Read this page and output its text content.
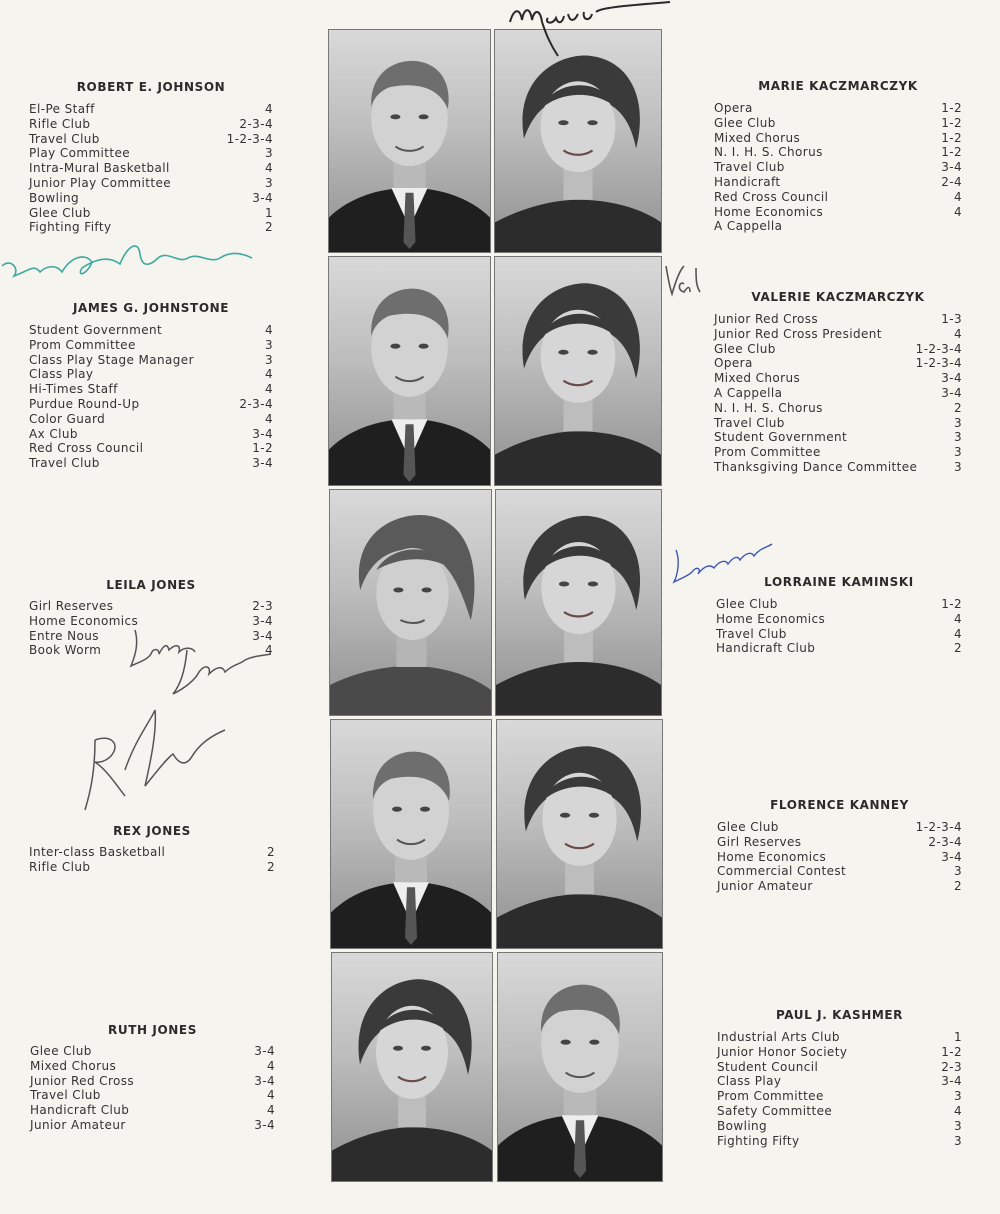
ROBERT E. JOHNSON
El-Pe Staff	4
Rifle Club	2-3-4
Travel Club	1-2-3-4
Play Committee	3
Intra-Mural Basketball	4
Junior Play Committee	3
Bowling	3-4
Glee Club	1
Fighting Fifty	2
JAMES G. JOHNSTONE
Student Government	4
Prom Committee	3
Class Play Stage Manager	3
Class Play	4
Hi-Times Staff	4
Purdue Round-Up	2-3-4
Color Guard	4
Ax Club	3-4
Red Cross Council	1-2
Travel Club	3-4
LEILA JONES
Girl Reserves	2-3
Home Economics	3-4
Entre Nous	3-4
Book Worm	4
REX JONES
Inter-class Basketball	2
Rifle Club	2
RUTH JONES
Glee Club	3-4
Mixed Chorus	4
Junior Red Cross	3-4
Travel Club	4
Handicraft Club	4
Junior Amateur	3-4
MARIE KACZMARCZYK
Opera	1-2
Glee Club	1-2
Mixed Chorus	1-2
N. I. H. S. Chorus	1-2
Travel Club	3-4
Handicraft	2-4
Red Cross Council	4
Home Economics	4
A Cappella
VALERIE KACZMARCZYK
Junior Red Cross	1-3
Junior Red Cross President	4
Glee Club	1-2-3-4
Opera	1-2-3-4
Mixed Chorus	3-4
A Cappella	3-4
N. I. H. S. Chorus	2
Travel Club	3
Student Government	3
Prom Committee	3
Thanksgiving Dance Committee	3
LORRAINE KAMINSKI
Glee Club	1-2
Home Economics	4
Travel Club	4
Handicraft Club	2
FLORENCE KANNEY
Glee Club	1-2-3-4
Girl Reserves	2-3-4
Home Economics	3-4
Commercial Contest	3
Junior Amateur	2
PAUL J. KASHMER
Industrial Arts Club	1
Junior Honor Society	1-2
Student Council	2-3
Class Play	3-4
Prom Committee	3
Safety Committee	4
Bowling	3
Fighting Fifty	3
